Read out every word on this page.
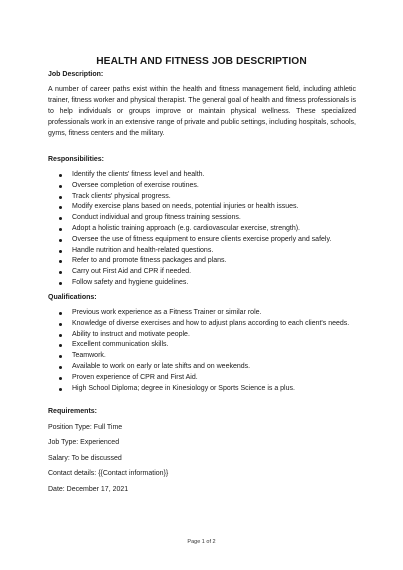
HEALTH AND FITNESS JOB DESCRIPTION
Job Description:
A number of career paths exist within the health and fitness management field, including athletic trainer, fitness worker and physical therapist. The general goal of health and fitness professionals is to help individuals or groups improve or maintain physical wellness. These specialized professionals work in an extensive range of private and public settings, including hospitals, schools, gyms, fitness centers and the military.
Responsibilities:
Identify the clients' fitness level and health.
Oversee completion of exercise routines.
Track clients' physical progress.
Modify exercise plans based on needs, potential injuries or health issues.
Conduct individual and group fitness training sessions.
Adopt a holistic training approach (e.g. cardiovascular exercise, strength).
Oversee the use of fitness equipment to ensure clients exercise properly and safely.
Handle nutrition and health-related questions.
Refer to and promote fitness packages and plans.
Carry out First Aid and CPR if needed.
Follow safety and hygiene guidelines.
Qualifications:
Previous work experience as a Fitness Trainer or similar role.
Knowledge of diverse exercises and how to adjust plans according to each client's needs.
Ability to instruct and motivate people.
Excellent communication skills.
Teamwork.
Available to work on early or late shifts and on weekends.
Proven experience of CPR and First Aid.
High School Diploma; degree in Kinesiology or Sports Science is a plus.
Requirements:
Position Type: Full Time
Job Type: Experienced
Salary: To be discussed
Contact details: {{Contact information}}
Date: December 17, 2021
Page 1 of 2
